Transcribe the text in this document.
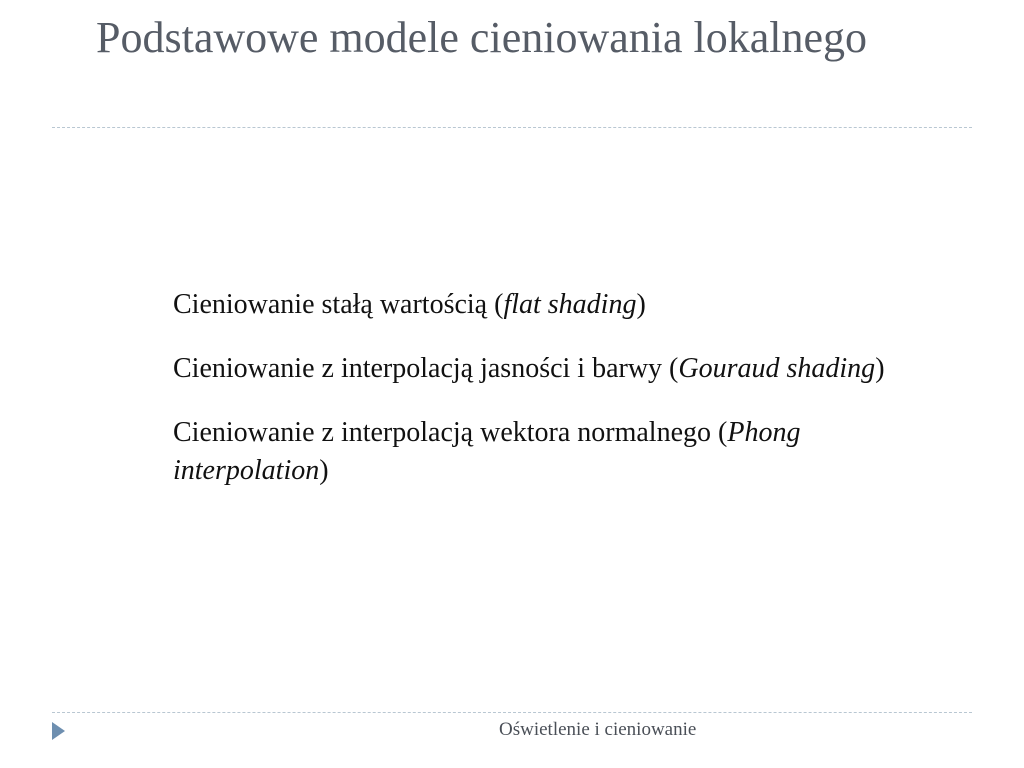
Podstawowe modele cieniowania lokalnego
Cieniowanie stałą wartością (flat shading)
Cieniowanie z interpolacją jasności i barwy (Gouraud shading)
Cieniowanie z interpolacją wektora normalnego (Phong interpolation)
Oświetlenie i cieniowanie
